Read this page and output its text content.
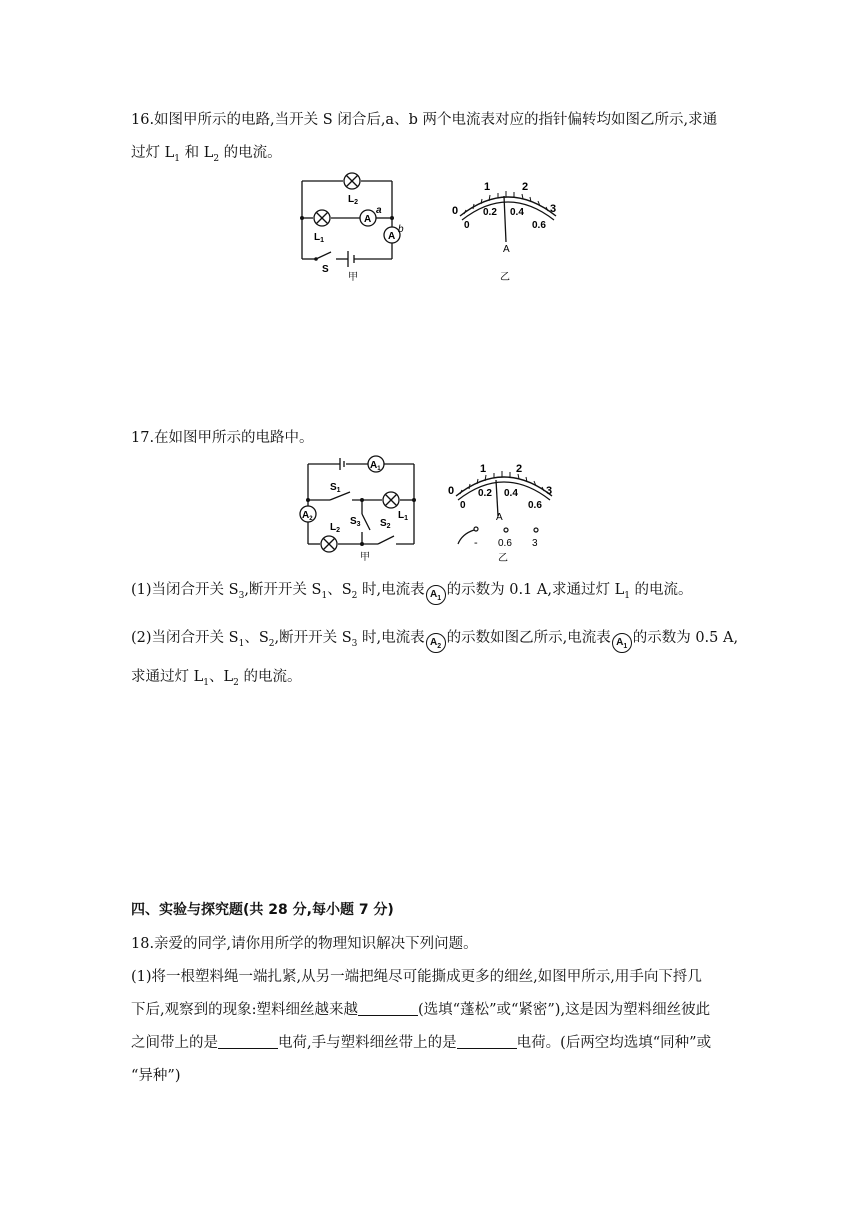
16.如图甲所示的电路,当开关 S 闭合后,a、b 两个电流表对应的指针偏转均如图乙所示,求通
过灯 $L_1$ 和 $L_2$ 的电流。
A
A
$L_2$
$L_1$
a
b
S
甲
0
1	2
3
0
0.2 0.4
0.6
A
乙
17.在如图甲所示的电路中。
$A_1$
$A_2$
$S_1$
$S_3$ $S_2$
$L_1$
$L_2$
甲
0
1	2
3
0
0.2 0.4
0.6
A
- 0.6 3
乙
(1)当闭合开关 $S_3$,断开开关 $S_1$、$S_2$ 时,电流表 $A_1$的示数为 0.1 A,求通过灯 $L_1$ 的电流。
(2)当闭合开关 $S_1$、$S_2$,断开开关 $S_3$ 时,电流表 $A_2$的示数如图乙所示,电流表 $A_1$的示数为 0.5 A,
求通过灯 $L_1$、$L_2$ 的电流。
四、实验与探究题(共 28 分,每小题 7 分)
18.亲爱的同学,请你用所学的物理知识解决下列问题。
(1)将一根塑料绳一端扎紧,从另一端把绳尽可能撕成更多的细丝,如图甲所示,用手向下捋几
下后,观察到的现象:塑料细丝越来越	(选填“蓬松”或“紧密”),这是因为塑料细丝彼此
之间带上的是	电荷,手与塑料细丝带上的是	电荷。(后两空均选填“同种”或
“异种”)
